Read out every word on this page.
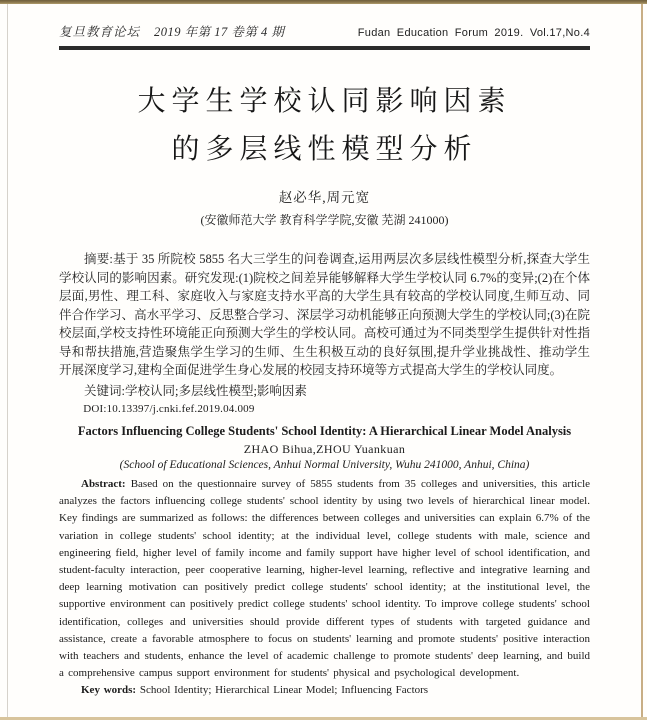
复旦教育论坛 2019 年第 17 卷第 4 期	Fudan Education Forum 2019. Vol.17,No.4
大学生学校认同影响因素
的多层线性模型分析
赵必华,周元宽
(安徽师范大学 教育科学学院,安徽 芜湖 241000)

摘要:基于 35 所院校 5855 名大三学生的问卷调查,运用两层次多层线性模型分析,探查大学生学校认同的影响因素。研究发现:(1)院校之间差异能够解释大学生学校认同 6.7%的变异;(2)在个体层面,男性、理工科、家庭收入与家庭支持水平高的大学生具有较高的学校认同度,生师互动、同伴合作学习、高水平学习、反思整合学习、深层学习动机能够正向预测大学生的学校认同;(3)在院校层面,学校支持性环境能正向预测大学生的学校认同。高校可通过为不同类型学生提供针对性指导和帮扶措施,营造聚焦学生学习的生师、生生积极互动的良好氛围,提升学业挑战性、推动学生开展深度学习,建构全面促进学生身心发展的校园支持环境等方式提高大学生的学校认同度。

关键词:学校认同;多层线性模型;影响因素

DOI:10.13397/j.cnki.fef.2019.04.009

Factors Influencing College Students' School Identity: A Hierarchical Linear Model Analysis
ZHAO Bihua,ZHOU Yuankuan
(School of Educational Sciences, Anhui Normal University, Wuhu 241000, Anhui, China)

Abstract: Based on the questionnaire survey of 5855 students from 35 colleges and universities, this article analyzes the factors influencing college students' school identity by using two levels of hierarchical linear model. Key findings are summarized as follows: the differences between colleges and universities can explain 6.7% of the variation in college students' school identity; at the individual level, college students with male, science and engineering field, higher level of family income and family support have higher level of school identification, and student-faculty interaction, peer cooperative learning, higher-level learning, reflective and integrative learning and deep learning motivation can positively predict college students' school identity; at the institutional level, the supportive environment can positively predict college students' school identity. To improve college students' school identification, colleges and universities should provide different types of students with targeted guidance and assistance, create a favorable atmosphere to focus on students' learning and promote students' positive interaction with teachers and students, enhance the level of academic challenge to promote students' deep learning, and build a comprehensive campus support environment for students' physical and psychological development.

Key words: School Identity; Hierarchical Linear Model; Influencing Factors
